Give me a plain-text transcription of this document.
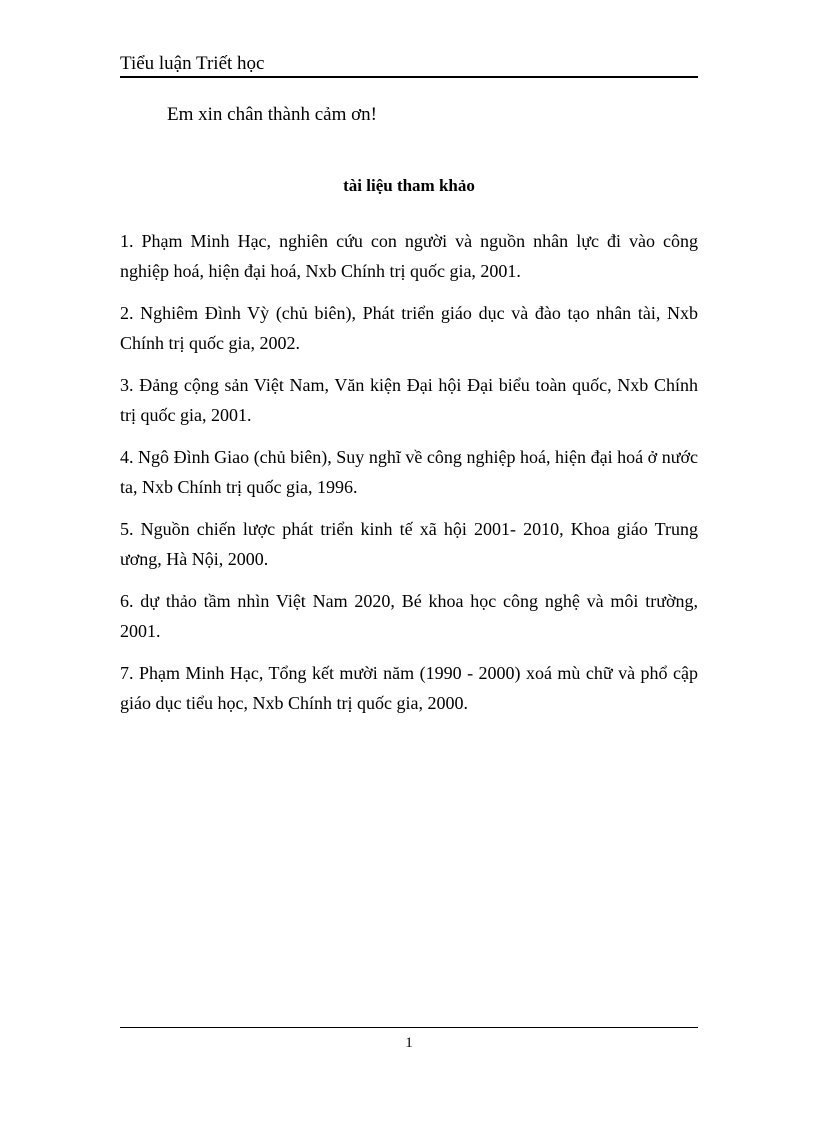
Tiểu luận Triết học
Em xin chân thành cảm ơn!
tài liệu tham khảo
1. Phạm Minh Hạc, nghiên cứu con người và nguồn nhân lực đi vào công nghiệp hoá, hiện đại hoá, Nxb Chính trị quốc gia, 2001.
2. Nghiêm Đình Vỳ (chủ biên), Phát triển giáo dục và đào tạo nhân tài, Nxb Chính trị quốc gia, 2002.
3. Đảng cộng sản Việt Nam, Văn kiện Đại hội Đại biểu toàn quốc, Nxb Chính trị quốc gia, 2001.
4. Ngô Đình Giao (chủ biên), Suy nghĩ về công nghiệp hoá, hiện đại hoá ở nước ta, Nxb Chính trị quốc gia, 1996.
5. Nguồn chiến lược phát triển kinh tế xã hội 2001- 2010, Khoa giáo Trung ương, Hà Nội, 2000.
6. dự thảo tầm nhìn Việt Nam 2020, Bé khoa học công nghệ và môi trường, 2001.
7. Phạm Minh Hạc, Tổng kết mười năm (1990 - 2000) xoá mù chữ và phổ cập giáo dục tiểu học, Nxb Chính trị quốc gia, 2000.
1
